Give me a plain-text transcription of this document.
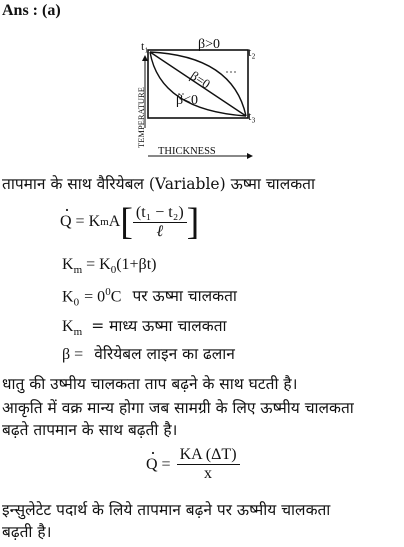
Ans : (a)
t₁	t₂
t₃
β>0
β=0
β<0
TEMPERATURE
THICKNESS
तापमान के साथ वैरियेबल (Variable) ऊष्मा चालकता
· Q = K m A [ $\frac{\text{(t₁ − t₂)}}{\text{ℓ}}$ ]
$K_m = K_0(1+\beta t)$
$K_0 = 0^0C$ पर ऊष्मा चालकता
$K_m$ = माध्य ऊष्मा चालकता
β = वेरियेबल लाइन का ढलान
धातु की उष्मीय चालकता ताप बढ़ने के साथ घटती है।
आकृति में वक्र मान्य होगा जब सामग्री के लिए ऊष्मीय चालकता
बढ़ते तापमान के साथ बढ़ती है।
· $Q = \frac{KA (\Delta T)}{x}$
इन्सुलेटेट पदार्थ के लिये तापमान बढ़ने पर ऊष्मीय चालकता
बढ़ती है।
